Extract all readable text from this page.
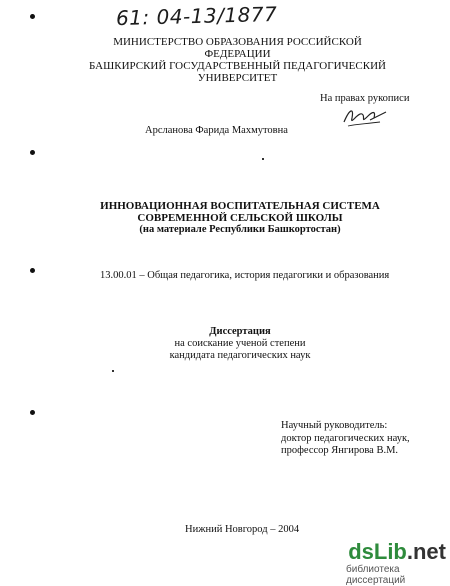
61: 04-13/1877
МИНИСТЕРСТВО ОБРАЗОВАНИЯ РОССИЙСКОЙ ФЕДЕРАЦИИ
БАШКИРСКИЙ ГОСУДАРСТВЕННЫЙ ПЕДАГОГИЧЕСКИЙ
УНИВЕРСИТЕТ
На правах рукописи
Арсланова Фарида Махмутовна
ИННОВАЦИОННАЯ ВОСПИТАТЕЛЬНАЯ СИСТЕМА
СОВРЕМЕННОЙ СЕЛЬСКОЙ ШКОЛЫ
(на материале Республики Башкортостан)
13.00.01 – Общая педагогика, история педагогики и образования
Диссертация
на соискание ученой степени
кандидата педагогических наук
Научный руководитель:
доктор педагогических наук,
профессор Янгирова В.М.
Нижний Новгород – 2004
dsLib.net
библиотека диссертаций
